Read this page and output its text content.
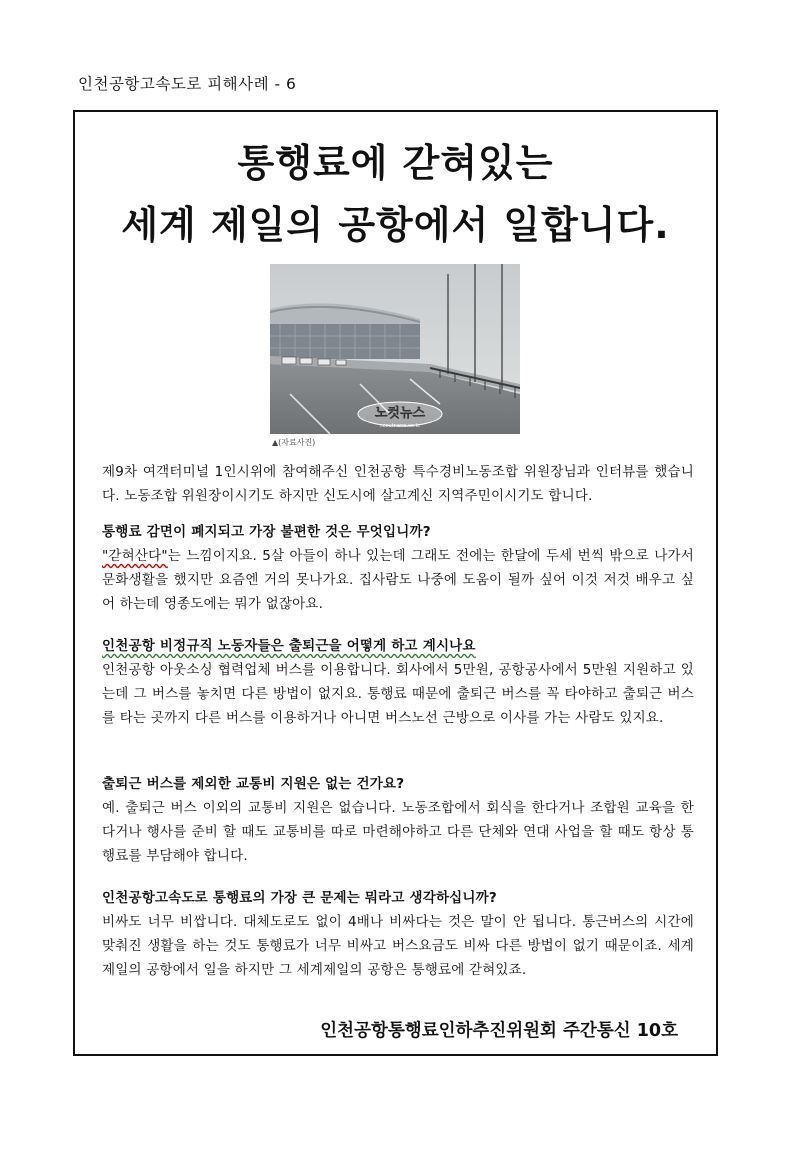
인천공항고속도로 피해사례 - 6
통행료에 갇혀있는
세계 제일의 공항에서 일합니다.
노컷뉴스
nocutnews.co.kr
▲(자료사진)
제9차 여객터미널 1인시위에 참여해주신 인천공항 특수경비노동조합 위원장님과 인터뷰를 했습니다. 노동조합 위원장이시기도 하지만 신도시에 살고계신 지역주민이시기도 합니다.
통행료 감면이 폐지되고 가장 불편한 것은 무엇입니까?
"갇혀산다"는 느낌이지요. 5살 아들이 하나 있는데 그래도 전에는 한달에 두세 번씩 밖으로 나가서 문화생활을 했지만 요즘엔 거의 못나가요. 집사람도 나중에 도움이 될까 싶어 이것 저것 배우고 싶어 하는데 영종도에는 뭐가 없잖아요.
인천공항 비정규직 노동자들은 출퇴근을 어떻게 하고 계시나요
인천공항 아웃소싱 협력업체 버스를 이용합니다. 회사에서 5만원, 공항공사에서 5만원 지원하고 있는데 그 버스를 놓치면 다른 방법이 없지요. 통행료 때문에 출퇴근 버스를 꼭 타야하고 출퇴근 버스를 타는 곳까지 다른 버스를 이용하거나 아니면 버스노선 근방으로 이사를 가는 사람도 있지요.
출퇴근 버스를 제외한 교통비 지원은 없는 건가요?
예. 출퇴근 버스 이외의 교통비 지원은 없습니다. 노동조합에서 회식을 한다거나 조합원 교육을 한다거나 행사를 준비 할 때도 교통비를 따로 마련해야하고 다른 단체와 연대 사업을 할 때도 항상 통행료를 부담해야 합니다.
인천공항고속도로 통행료의 가장 큰 문제는 뭐라고 생각하십니까?
비싸도 너무 비쌉니다. 대체도로도 없이 4배나 비싸다는 것은 말이 안 됩니다. 통근버스의 시간에 맞춰진 생활을 하는 것도 통행료가 너무 비싸고 버스요금도 비싸 다른 방법이 없기 때문이죠. 세계제일의 공항에서 일을 하지만 그 세계제일의 공항은 통행료에 갇혀있죠.
인천공항통행료인하추진위원회 주간통신 10호
